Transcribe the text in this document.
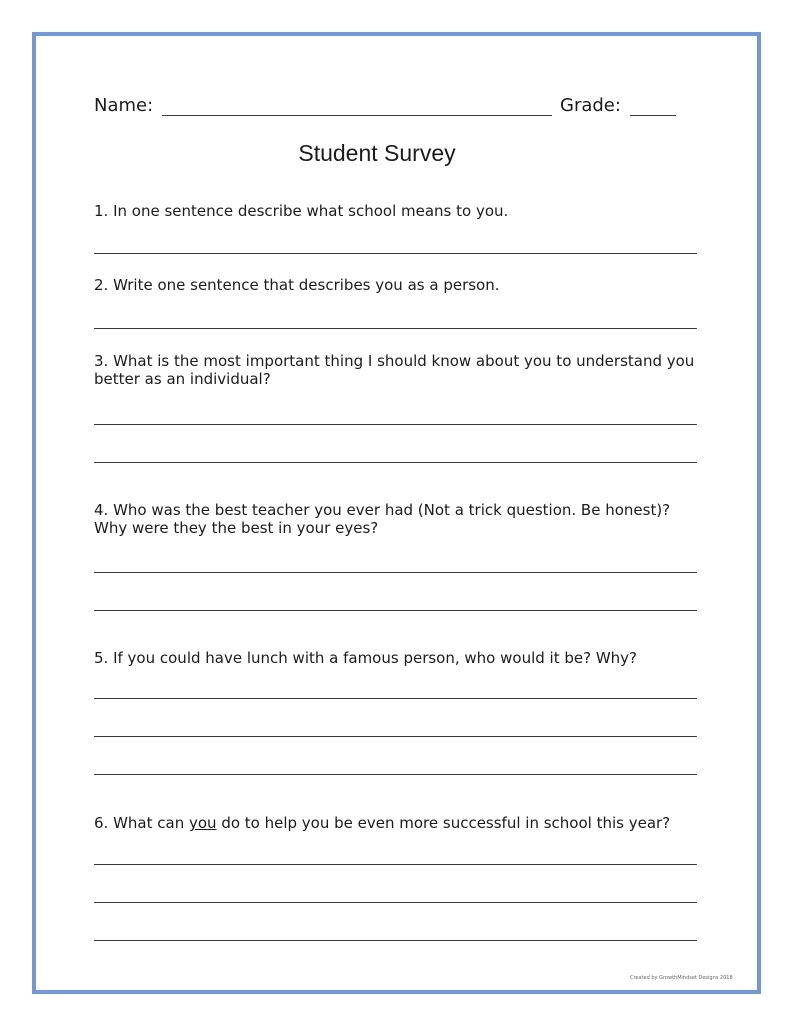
Name:	Grade:
Student Survey
1. In one sentence describe what school means to you.
2. Write one sentence that describes you as a person.
3. What is the most important thing I should know about you to understand you better as an individual?
4. Who was the best teacher you ever had (Not a trick question. Be honest)? Why were they the best in your eyes?
5. If you could have lunch with a famous person, who would it be? Why?
6. What can you do to help you be even more successful in school this year?
Created by GrowthMindset Designs 2018
